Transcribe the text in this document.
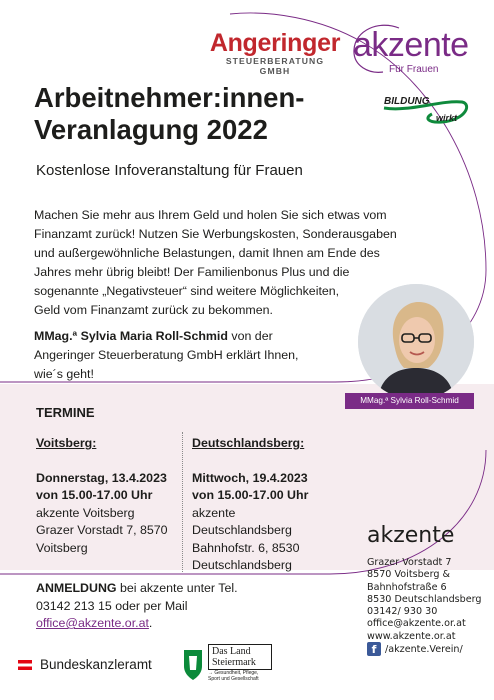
Angeringer
STEUERBERATUNG GMBH
akzente
Für Frauen
BILDUNG
wirkt
Arbeitnehmer:innen-
Veranlagung 2022
Kostenlose Infoveranstaltung für Frauen
Machen Sie mehr aus Ihrem Geld und holen Sie sich etwas vom
Finanzamt zurück! Nutzen Sie Werbungskosten, Sonderausgaben
und außergewöhnliche Belastungen, damit Ihnen am Ende des
Jahres mehr übrig bleibt! Der Familienbonus Plus und die
sogenannte „Negativsteuer“ sind weitere Möglichkeiten,
Geld vom Finanzamt zurück zu bekommen.
MMag.ª Sylvia Maria Roll-Schmid von der
Angeringer Steuerberatung GmbH erklärt Ihnen,
wie´s geht!
MMag.ª Sylvia Roll-Schmid
TERMINE
Voitsberg:
Donnerstag, 13.4.2023
von 15.00-17.00 Uhr
akzente Voitsberg
Grazer Vorstadt 7, 8570
Voitsberg
Deutschlandsberg:
Mittwoch, 19.4.2023
von 15.00-17.00 Uhr
akzente
Deutschlandsberg
Bahnhofstr. 6, 8530
Deutschlandsberg
akzente
Grazer Vorstadt 7
8570 Voitsberg &
Bahnhofstraße 6
8530 Deutschlandsberg
03142/ 930 30
office@akzente.or.at
www.akzente.or.at
f /akzente.Verein/
ANMELDUNG bei akzente unter Tel.
03142 213 15 oder per Mail
office@akzente.or.at.
Bundeskanzleramt
Das Land
Steiermark
→ Gesundheit, Pflege,
Sport und Gesellschaft
